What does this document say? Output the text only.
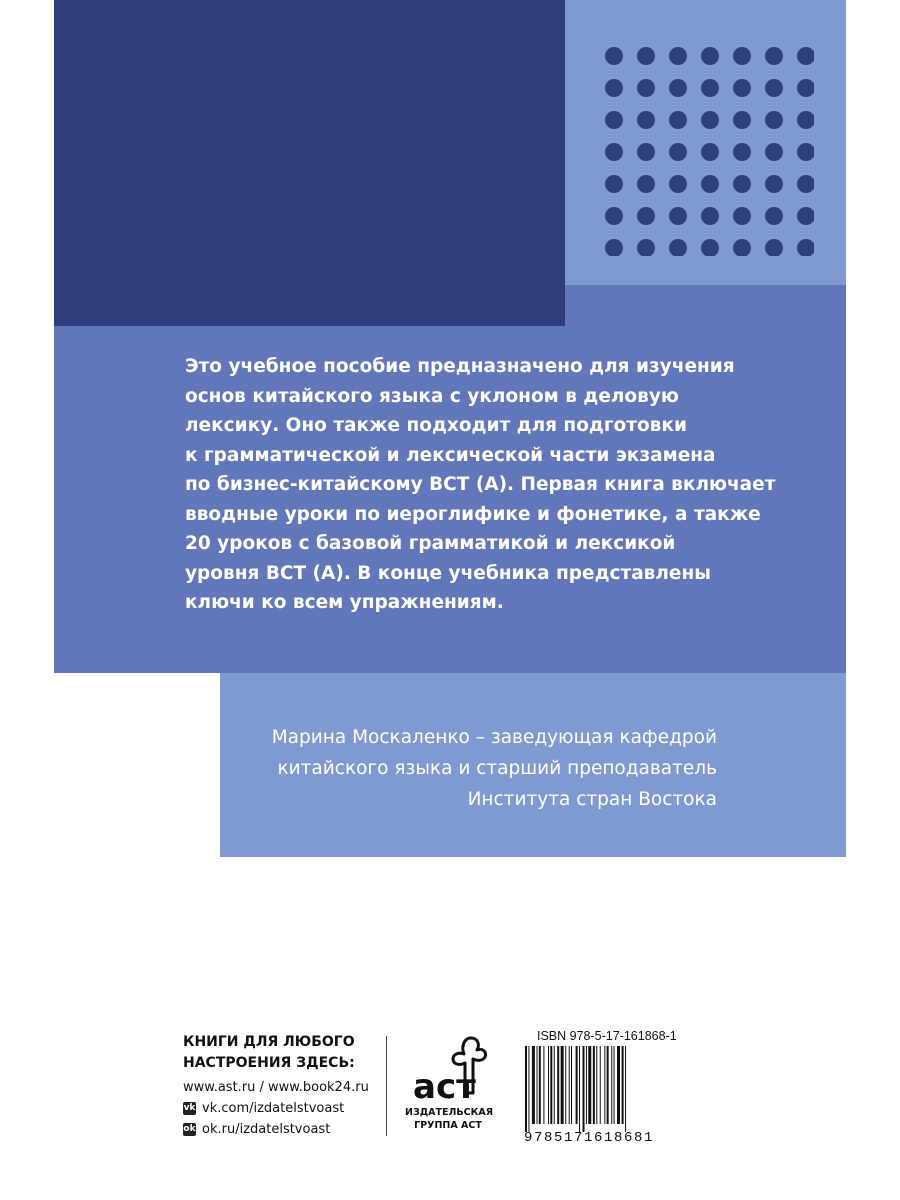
Это учебное пособие предназначено для изучения
основ китайского языка с уклоном в деловую
лексику. Оно также подходит для подготовки
к грамматической и лексической части экзамена
по бизнес-китайскому BCT (A). Первая книга включает
вводные уроки по иероглифике и фонетике, а также
20 уроков с базовой грамматикой и лексикой
уровня BCT (A). В конце учебника представлены
ключи ко всем упражнениям.

Марина Москаленко – заведующая кафедрой
китайского языка и старший преподаватель
Института стран Востока

КНИГИ ДЛЯ ЛЮБОГО
НАСТРОЕНИЯ ЗДЕСЬ:
www.ast.ru / www.book24.ru
vk vk.com/izdatelstvoast
ok ok.ru/izdatelstvoast
аст
ИЗДАТЕЛЬСКАЯ
ГРУППА АСТ
ISBN 978-5-17-161868-1
9785171618681
